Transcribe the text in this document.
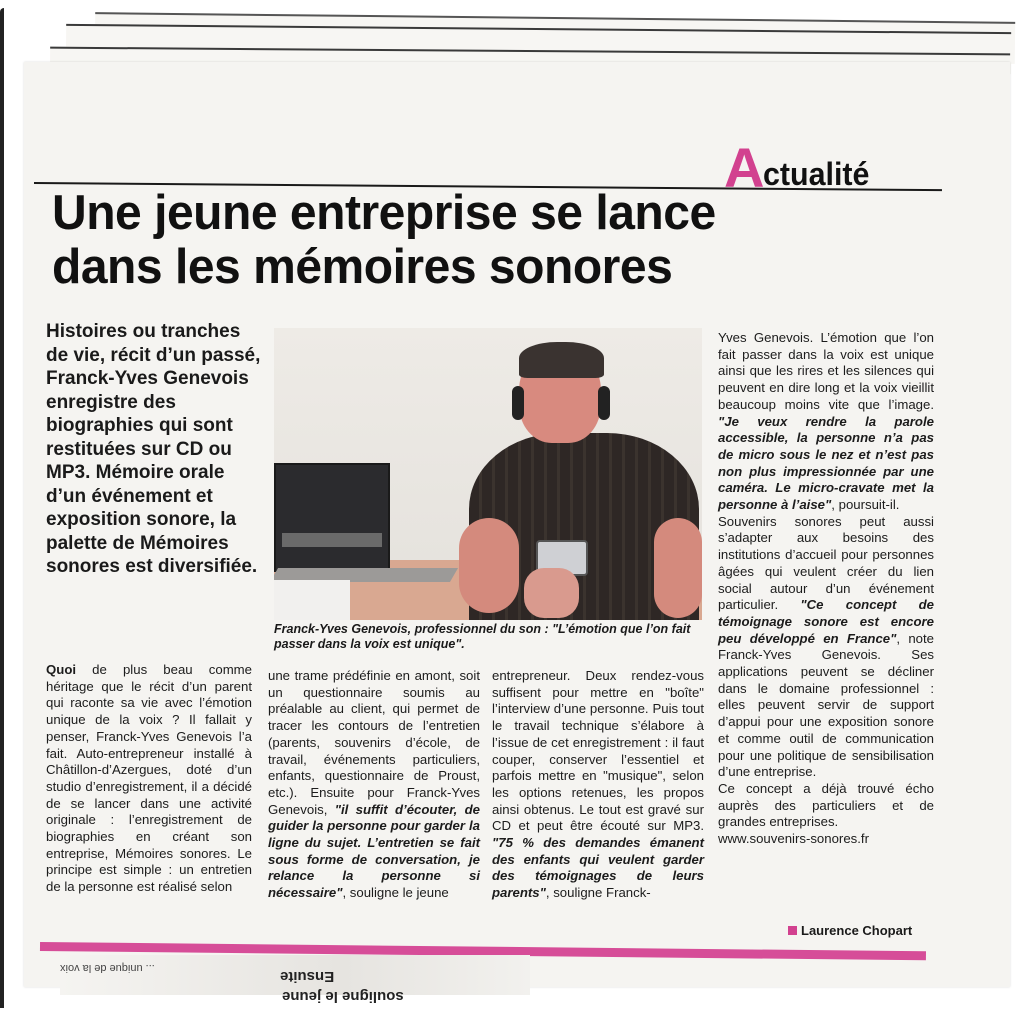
A ctualité
Une jeune entreprise se lance
dans les mémoires sonores
Histoires ou tranches de vie, récit d’un passé, Franck-Yves Genevois enregistre des biographies qui sont restituées sur CD ou MP3. Mémoire orale d’un événement et exposition sonore, la palette de Mémoires sonores est diversifiée.
Franck-Yves Genevois, professionnel du son : "L’émotion que l’on fait passer dans la voix est unique".

Quoi de plus beau comme héritage que le récit d’un parent qui raconte sa vie avec l’émotion unique de la voix ? Il fallait y penser, Franck-Yves Genevois l’a fait. Auto-entrepreneur installé à Châtillon-d’Azergues, doté d’un studio d’enregistrement, il a décidé de se lancer dans une activité originale : l’enregistrement de biographies en créant son entreprise, Mémoires sonores. Le principe est simple : un entretien de la personne est réalisé selon

une trame prédéfinie en amont, soit un questionnaire soumis au préalable au client, qui permet de tracer les contours de l’entretien (parents, souvenirs d’école, de travail, événements particuliers, enfants, questionnaire de Proust, etc.). Ensuite pour Franck-Yves Genevois, "il suffit d’écouter, de guider la personne pour garder la ligne du sujet. L’entretien se fait sous forme de conversation, je relance la personne si nécessaire", souligne le jeune

entrepreneur. Deux rendez-vous suffisent pour mettre en "boîte" l’interview d’une personne. Puis tout le travail technique s’élabore à l’issue de cet enregistrement : il faut couper, conserver l’essentiel et parfois mettre en "musique", selon les options retenues, les propos ainsi obtenus. Le tout est gravé sur CD et peut être écouté sur MP3. "75 % des demandes émanent des enfants qui veulent garder des témoignages de leurs parents", souligne Franck-

Yves Genevois. L’émotion que l’on fait passer dans la voix est unique ainsi que les rires et les silences qui peuvent en dire long et la voix vieillit beaucoup moins vite que l’image. "Je veux rendre la parole accessible, la personne n’a pas de micro sous le nez et n’est pas non plus impressionnée par une caméra. Le micro-cravate met la personne à l’aise", poursuit-il.

Souvenirs sonores peut aussi s’adapter aux besoins des institutions d’accueil pour personnes âgées qui veulent créer du lien social autour d’un événement particulier. "Ce concept de témoignage sonore est encore peu développé en France", note Franck-Yves Genevois. Ses applications peuvent se décliner dans le domaine professionnel : elles peuvent servir de support d’appui pour une exposition sonore et comme outil de communication pour une politique de sensibilisation d’une entreprise.

Ce concept a déjà trouvé écho auprès des particuliers et de grandes entreprises.

www.souvenirs-sonores.fr

Laurence Chopart
... unique de la voix	Ensuite
souligne le jeune
